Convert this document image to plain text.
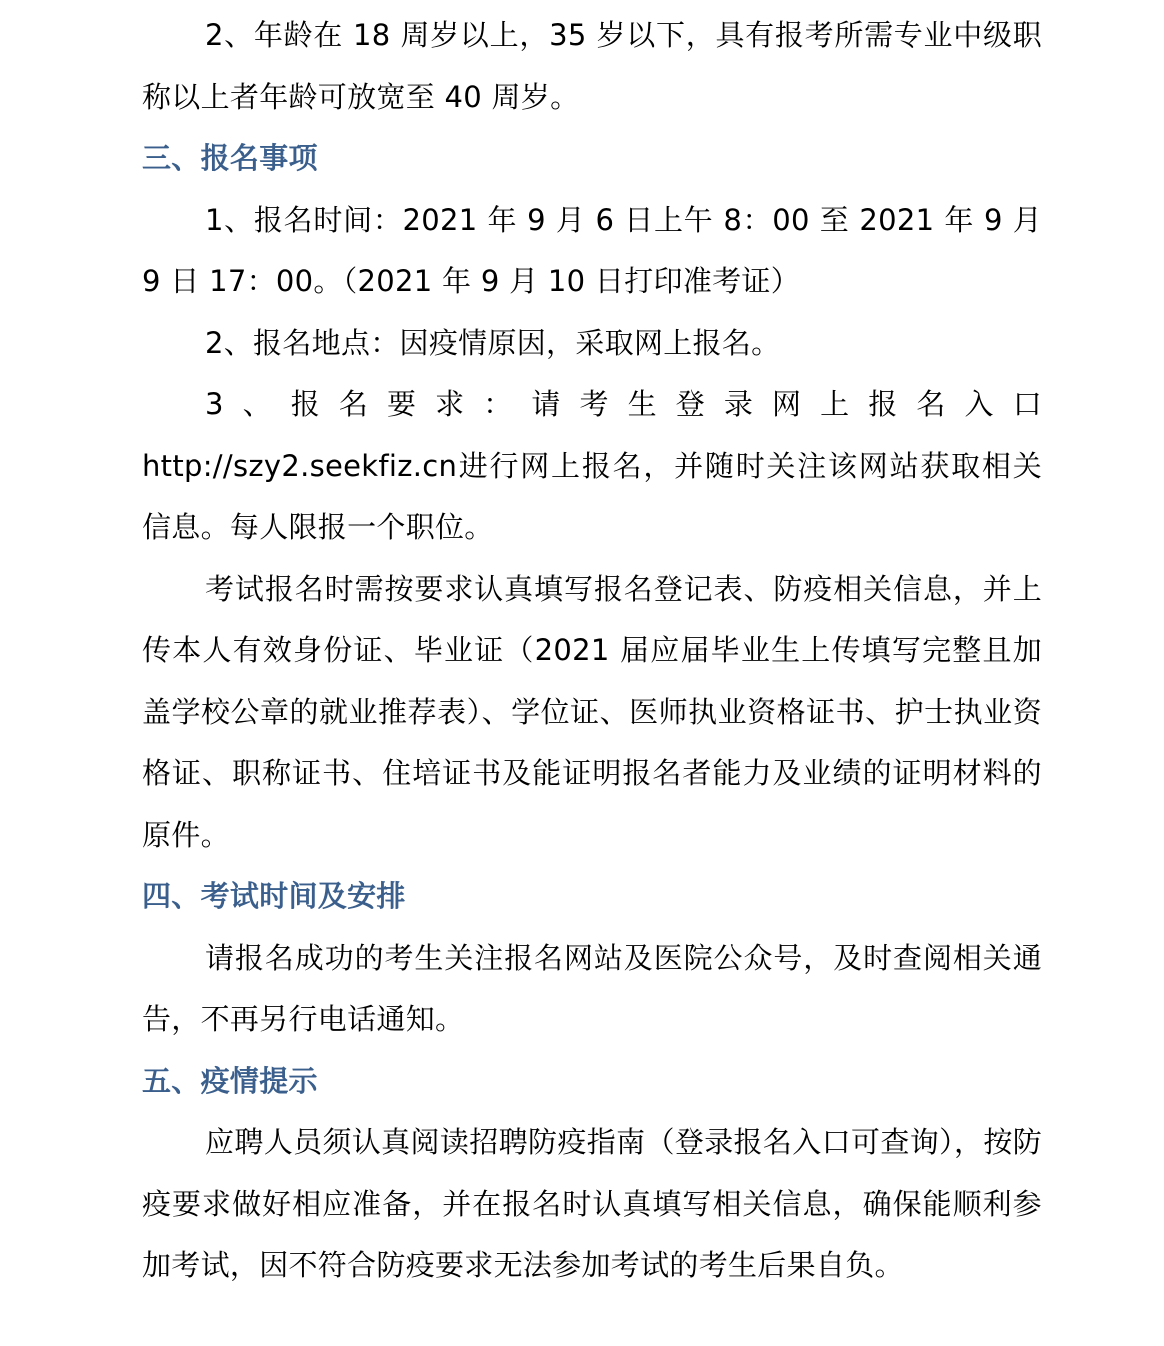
2、年龄在 18 周岁以上，35 岁以下，具有报考所需专业中级职称以上者年龄可放宽至 40 周岁。

三、报名事项

1、报名时间：2021 年 9 月 6 日上午 8：00 至 2021 年 9 月 9 日 17：00。（2021 年 9 月 10 日打印准考证）

2、报名地点：因疫情原因，采取网上报名。

3、报名要求：请考生登录网上报名入口 http://szy2.seekfiz.cn进行网上报名，并随时关注该网站获取相关信息。每人限报一个职位。

考试报名时需按要求认真填写报名登记表、防疫相关信息，并上传本人有效身份证、毕业证（2021 届应届毕业生上传填写完整且加盖学校公章的就业推荐表）、学位证、医师执业资格证书、护士执业资格证、职称证书、住培证书及能证明报名者能力及业绩的证明材料的原件。

四、考试时间及安排

请报名成功的考生关注报名网站及医院公众号，及时查阅相关通告，不再另行电话通知。

五、疫情提示

应聘人员须认真阅读招聘防疫指南（登录报名入口可查询），按防疫要求做好相应准备，并在报名时认真填写相关信息，确保能顺利参加考试，因不符合防疫要求无法参加考试的考生后果自负。
